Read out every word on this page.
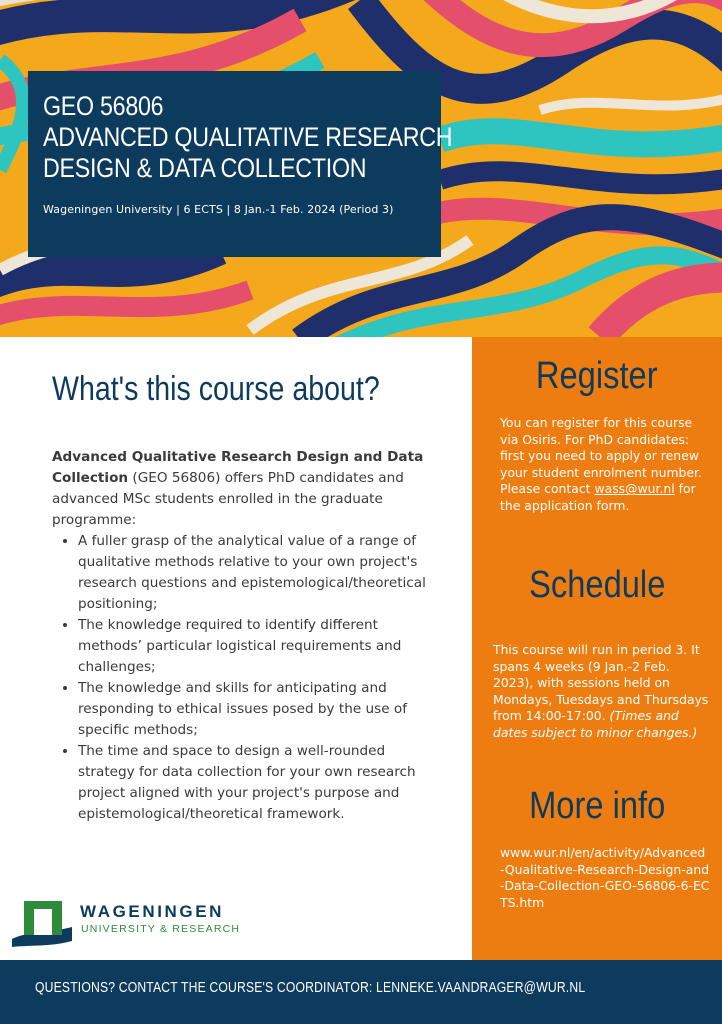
GEO 56806
ADVANCED QUALITATIVE RESEARCH
DESIGN & DATA COLLECTION
Wageningen University | 6 ECTS | 8 Jan.-1 Feb. 2024 (Period 3)
What's this course about?
Advanced Qualitative Research Design and Data Collection (GEO 56806) offers PhD candidates and advanced MSc students enrolled in the graduate programme:
• A fuller grasp of the analytical value of a range of qualitative methods relative to your own project's research questions and epistemological/theoretical positioning;
• The knowledge required to identify different methods’ particular logistical requirements and challenges;
• The knowledge and skills for anticipating and responding to ethical issues posed by the use of specific methods;
• The time and space to design a well-rounded strategy for data collection for your own research project aligned with your project's purpose and epistemological/theoretical framework.
WAGENINGEN
UNIVERSITY & RESEARCH
Register
You can register for this course via Osiris. For PhD candidates: first you need to apply or renew your student enrolment number. Please contact wass@wur.nl for the application form.
Schedule
This course will run in period 3. It spans 4 weeks (9 Jan.-2 Feb. 2023), with sessions held on Mondays, Tuesdays and Thursdays from 14:00-17:00. (Times and dates subject to minor changes.)
More info
www.wur.nl/en/activity/Advanced-Qualitative-Research-Design-and-Data-Collection-GEO-56806-6-ECTS.htm
QUESTIONS? CONTACT THE COURSE'S COORDINATOR: LENNEKE.VAANDRAGER@WUR.NL
